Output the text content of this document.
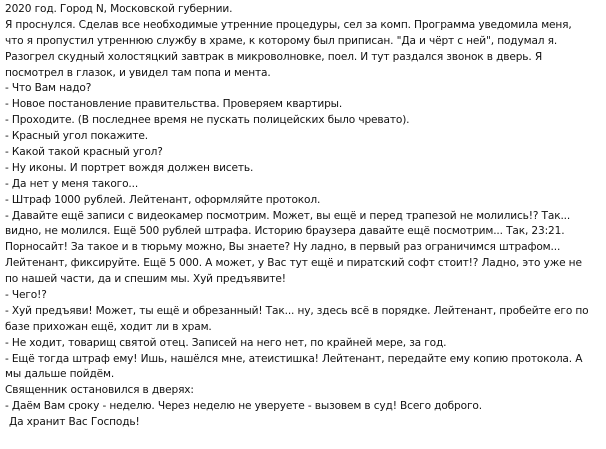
2020 год. Город N, Московской губернии.
Я проснулся. Сделав все необходимые утренние процедуры, сел за комп. Программа уведомила меня,
что я пропустил утреннюю службу в храме, к которому был приписан. "Да и чёрт с ней", подумал я.
Разогрел скудный холостяцкий завтрак в микроволновке, поел. И тут раздался звонок в дверь. Я
посмотрел в глазок, и увидел там попа и мента.
- Что Вам надо?
- Новое постановление правительства. Проверяем квартиры.
- Проходите. (В последнее время не пускать полицейских было чревато).
- Красный угол покажите.
- Какой такой красный угол?
- Ну иконы. И портрет вождя должен висеть.
- Да нет у меня такого...
- Штраф 1000 рублей. Лейтенант, оформляйте протокол.
- Давайте ещё записи с видеокамер посмотрим. Может, вы ещё и перед трапезой не молились!? Так...
видно, не молился. Ещё 500 рублей штрафа. Историю браузера давайте ещё посмотрим... Так, 23:21.
Порносайт! За такое и в тюрьму можно, Вы знаете? Ну ладно, в первый раз ограничимся штрафом...
Лейтенант, фиксируйте. Ещё 5 000. А может, у Вас тут ещё и пиратский софт стоит!? Ладно, это уже не
по нашей части, да и спешим мы. Хуй предъявите!
- Чего!?
- Хуй предъяви! Может, ты ещё и обрезанный! Так... ну, здесь всё в порядке. Лейтенант, пробейте его по
базе прихожан ещё, ходит ли в храм.
- Не ходит, товарищ святой отец. Записей на него нет, по крайней мере, за год.
- Ещё тогда штраф ему! Ишь, нашёлся мне, атеистишка! Лейтенант, передайте ему копию протокола. А
мы дальше пойдём.
Священник остановился в дверях:
- Даём Вам сроку - неделю. Через неделю не уверуете - вызовем в суд! Всего доброго.
Да хранит Вас Господь!
